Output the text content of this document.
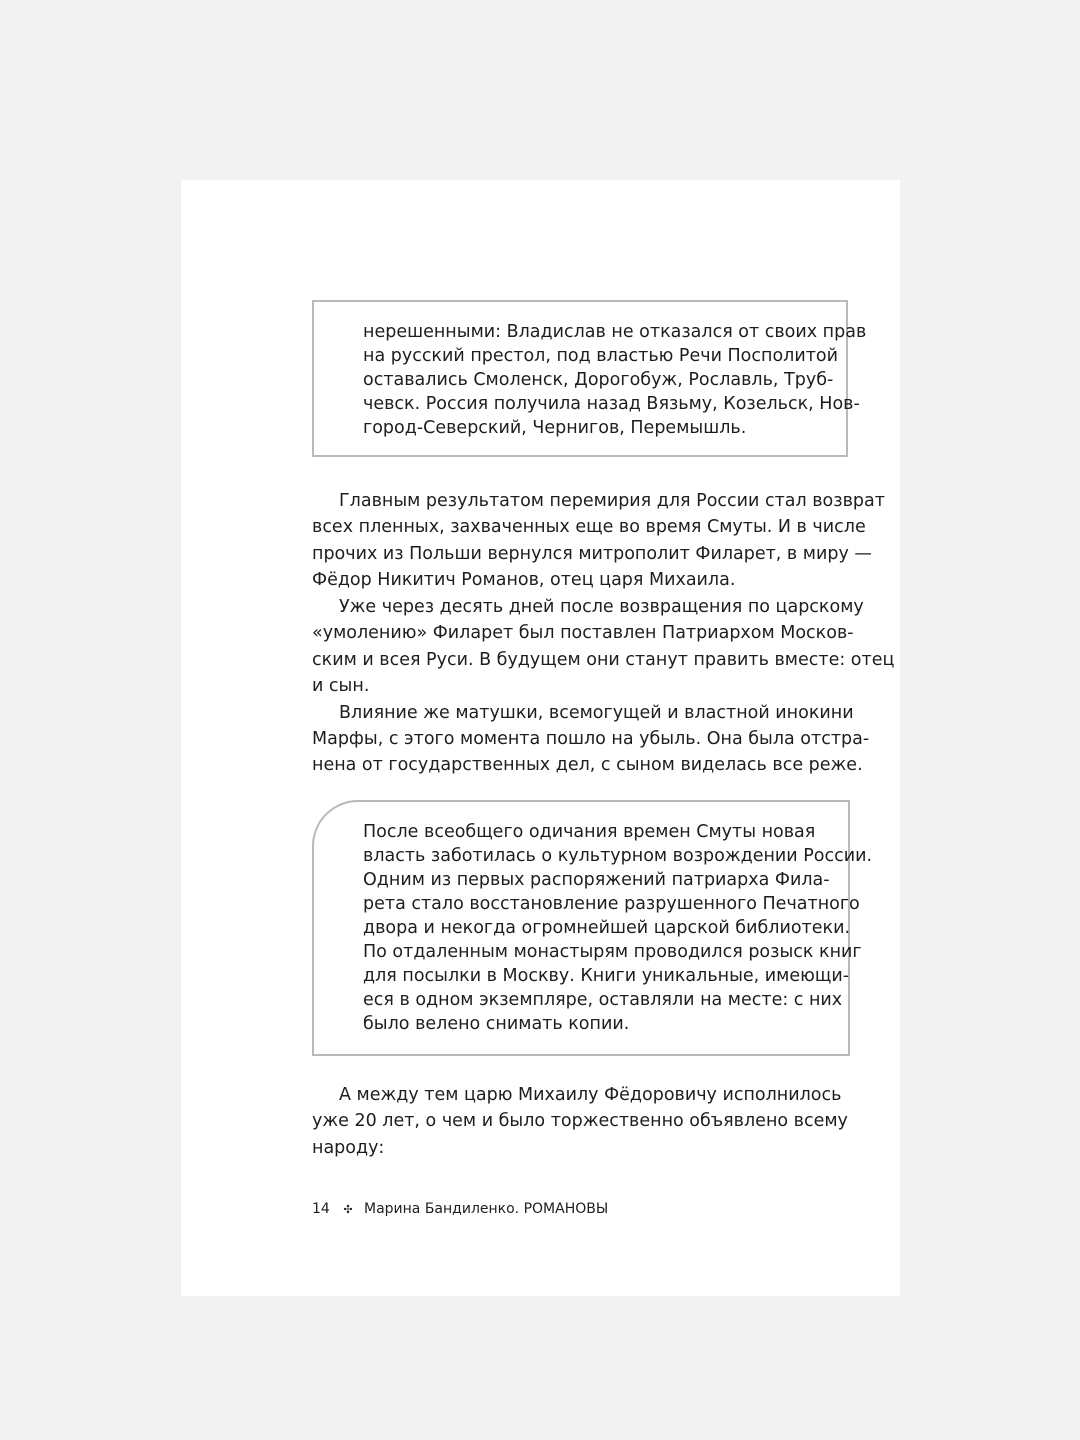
нерешенными: Владислав не отказался от своих прав
на русский престол, под властью Речи Посполитой
оставались Смоленск, Дорогобуж, Рославль, Труб-
чевск. Россия получила назад Вязьму, Козельск, Нов-
город-Северский, Чернигов, Перемышль.
Главным результатом перемирия для России стал возврат
всех пленных, захваченных еще во время Смуты. И в числе
прочих из Польши вернулся митрополит Филарет, в миру —
Фёдор Никитич Романов, отец царя Михаила.
Уже через десять дней после возвращения по царскому
«умолению» Филарет был поставлен Патриархом Москов-
ским и всея Руси. В будущем они станут править вместе: отец
и сын.
Влияние же матушки, всемогущей и властной инокини
Марфы, с этого момента пошло на убыль. Она была отстра-
нена от государственных дел, с сыном виделась все реже.
После всеобщего одичания времен Смуты новая
власть заботилась о культурном возрождении России.
Одним из первых распоряжений патриарха Фила-
рета стало восстановление разрушенного Печатного
двора и некогда огромнейшей царской библиотеки.
По отдаленным монастырям проводился розыск книг
для посылки в Москву. Книги уникальные, имеющи-
еся в одном экземпляре, оставляли на месте: с них
было велено снимать копии.
А между тем царю Михаилу Фёдоровичу исполнилось
уже 20 лет, о чем и было торжественно объявлено всему
народу:
14	✣ Марина Бандиленко. РОМАНОВЫ
